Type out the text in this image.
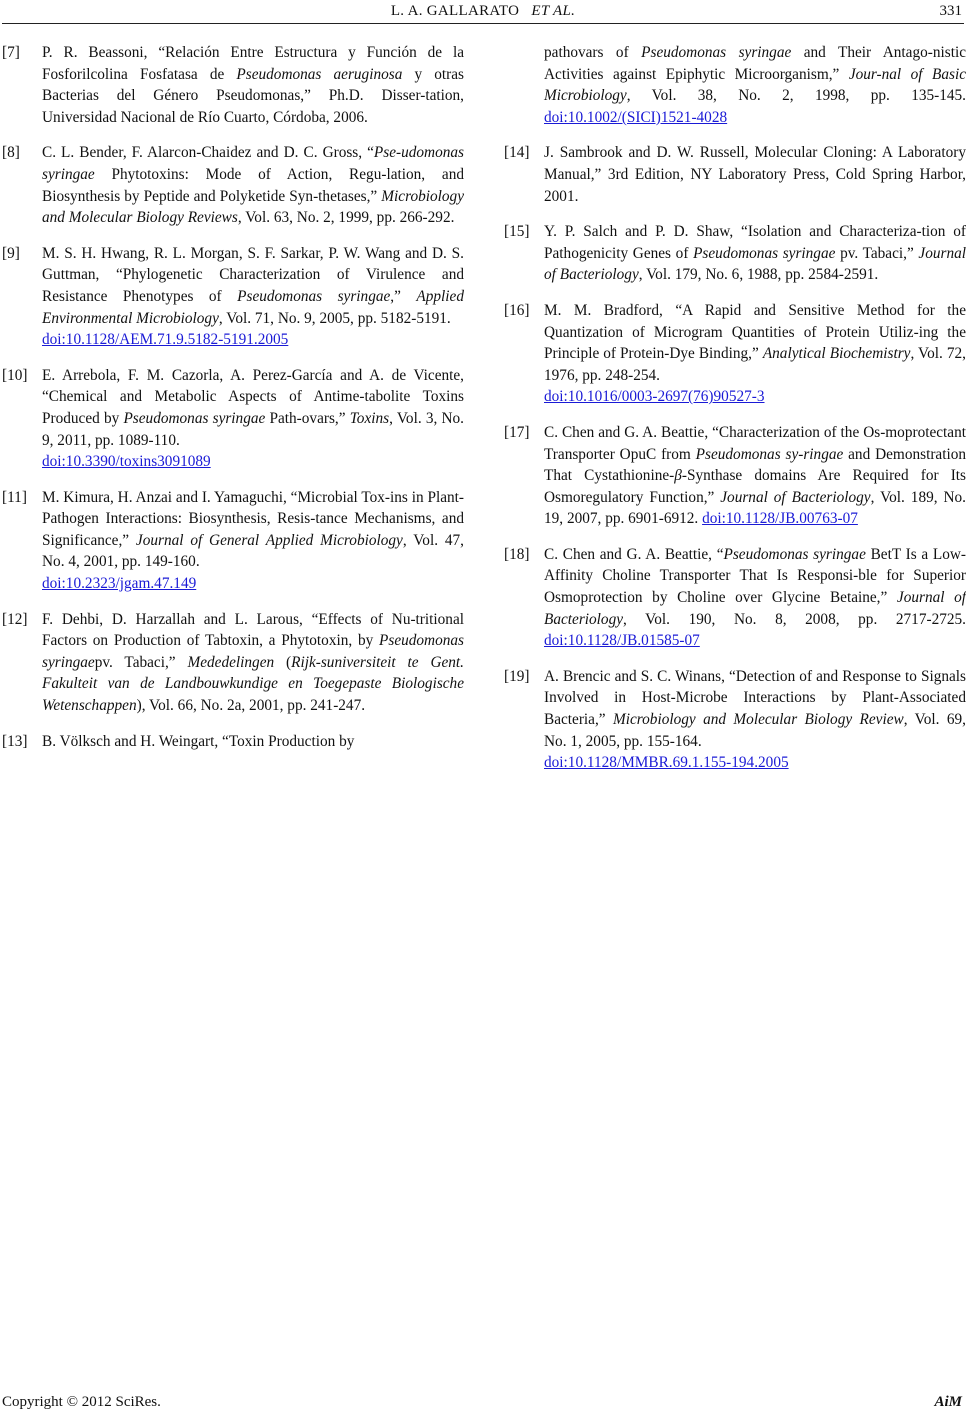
L. A. GALLARATO ET AL.	331
[7] P. R. Beassoni, “Relación Entre Estructura y Función de la Fosforilcolina Fosfatasa de Pseudomonas aeruginosa y otras Bacterias del Género Pseudomonas,” Ph.D. Disser-tation, Universidad Nacional de Río Cuarto, Córdoba, 2006.
[8] C. L. Bender, F. Alarcon-Chaidez and D. C. Gross, “Pse-udomonas syringae Phytotoxins: Mode of Action, Regu-lation, and Biosynthesis by Peptide and Polyketide Syn-thetases,” Microbiology and Molecular Biology Reviews, Vol. 63, No. 2, 1999, pp. 266-292.
[9] M. S. H. Hwang, R. L. Morgan, S. F. Sarkar, P. W. Wang and D. S. Guttman, “Phylogenetic Characterization of Virulence and Resistance Phenotypes of Pseudomonas syringae,” Applied Environmental Microbiology, Vol. 71, No. 9, 2005, pp. 5182-5191.
doi:10.1128/AEM.71.9.5182-5191.2005
[10] E. Arrebola, F. M. Cazorla, A. Perez-García and A. de Vicente, “Chemical and Metabolic Aspects of Antime-tabolite Toxins Produced by Pseudomonas syringae Path-ovars,” Toxins, Vol. 3, No. 9, 2011, pp. 1089-110.
doi:10.3390/toxins3091089
[11] M. Kimura, H. Anzai and I. Yamaguchi, “Microbial Tox-ins in Plant-Pathogen Interactions: Biosynthesis, Resis-tance Mechanisms, and Significance,” Journal of General Applied Microbiology, Vol. 47, No. 4, 2001, pp. 149-160.
doi:10.2323/jgam.47.149
[12] F. Dehbi, D. Harzallah and L. Larous, “Effects of Nu-tritional Factors on Production of Tabtoxin, a Phytotoxin, by Pseudomonas syringaepv. Tabaci,” Mededelingen (Rijk-suniversiteit te Gent. Fakulteit van de Landbouwkundige en Toegepaste Biologische Wetenschappen), Vol. 66, No. 2a, 2001, pp. 241-247.
[13] B. Völksch and H. Weingart, “Toxin Production by
pathovars of Pseudomonas syringae and Their Antago-nistic Activities against Epiphytic Microorganism,” Jour-nal of Basic Microbiology, Vol. 38, No. 2, 1998, pp. 135-145. doi:10.1002/(SICI)1521-4028
[14] J. Sambrook and D. W. Russell, Molecular Cloning: A Laboratory Manual,” 3rd Edition, NY Laboratory Press, Cold Spring Harbor, 2001.
[15] Y. P. Salch and P. D. Shaw, “Isolation and Characteriza-tion of Pathogenicity Genes of Pseudomonas syringae pv. Tabaci,” Journal of Bacteriology, Vol. 179, No. 6, 1988, pp. 2584-2591.
[16] M. M. Bradford, “A Rapid and Sensitive Method for the Quantization of Microgram Quantities of Protein Utiliz-ing the Principle of Protein-Dye Binding,” Analytical Biochemistry, Vol. 72, 1976, pp. 248-254.
doi:10.1016/0003-2697(76)90527-3
[17] C. Chen and G. A. Beattie, “Characterization of the Os-moprotectant Transporter OpuC from Pseudomonas sy-ringae and Demonstration That Cystathionine-β-Synthase domains Are Required for Its Osmoregulatory Function,” Journal of Bacteriology, Vol. 189, No. 19, 2007, pp. 6901-6912. doi:10.1128/JB.00763-07
[18] C. Chen and G. A. Beattie, “Pseudomonas syringae BetT Is a Low-Affinity Choline Transporter That Is Responsi-ble for Superior Osmoprotection by Choline over Glycine Betaine,” Journal of Bacteriology, Vol. 190, No. 8, 2008, pp. 2717-2725. doi:10.1128/JB.01585-07
[19] A. Brencic and S. C. Winans, “Detection of and Response to Signals Involved in Host-Microbe Interactions by Plant-Associated Bacteria,” Microbiology and Molecular Biology Review, Vol. 69, No. 1, 2005, pp. 155-164.
doi:10.1128/MMBR.69.1.155-194.2005
Copyright © 2012 SciRes.	AiM
